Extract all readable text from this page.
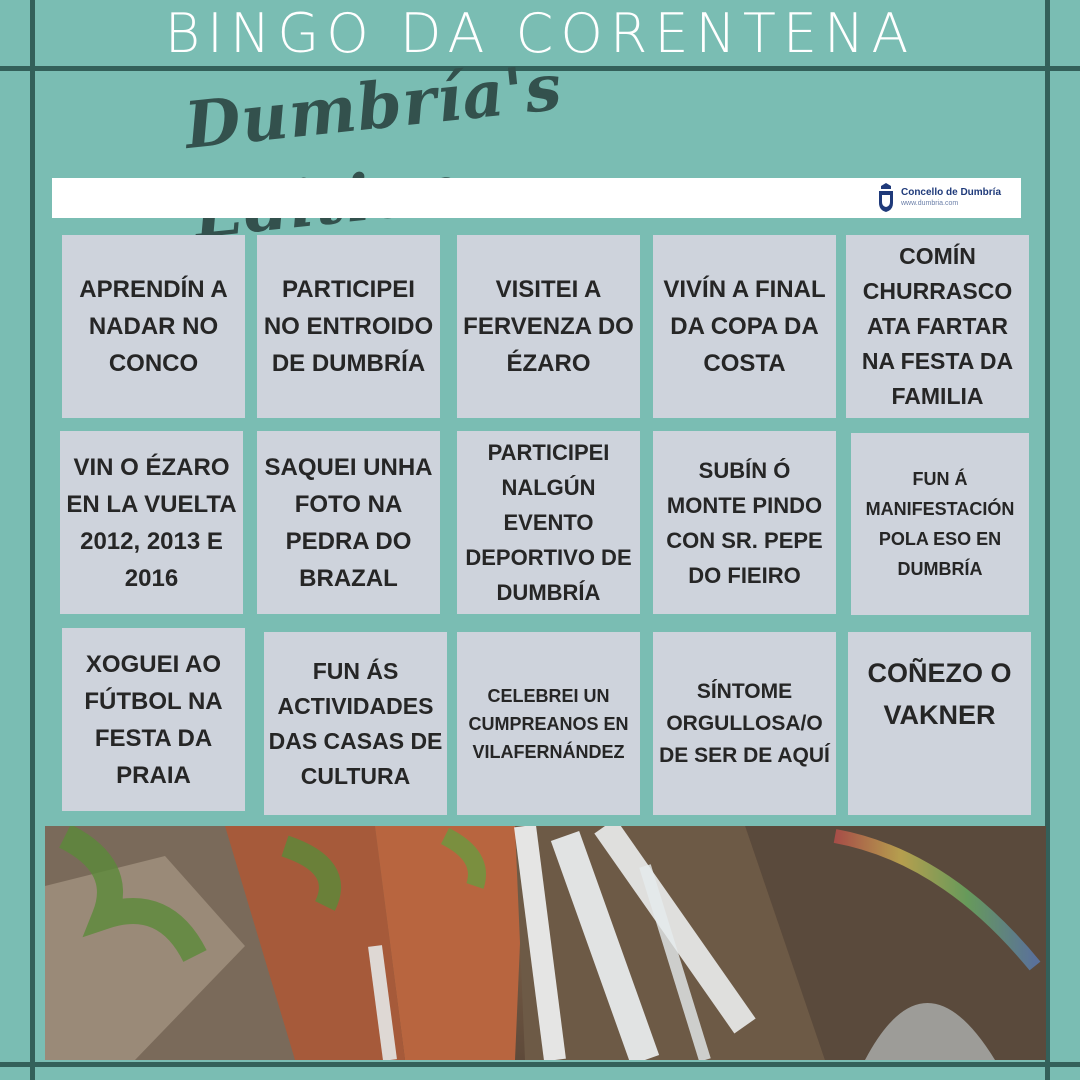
BINGO DA CORENTENA
Dumbría's
Concello de Dumbría
www.dumbria.com
APRENDÍN A NADAR NO CONCO
PARTICIPEI NO ENTROIDO DE DUMBRÍA
VISITEI A FERVENZA DO ÉZARO
VIVÍN A FINAL DA COPA DA COSTA
COMÍN CHURRASCO ATA FARTAR NA FESTA DA FAMILIA
VIN O ÉZARO EN LA VUELTA 2012, 2013 E 2016
SAQUEI UNHA FOTO NA PEDRA DO BRAZAL
PARTICIPEI NALGÚN EVENTO DEPORTIVO DE DUMBRÍA
SUBÍN Ó MONTE PINDO CON SR. PEPE DO FIEIRO
FUN Á MANIFESTACIÓN POLA ESO EN DUMBRÍA
XOGUEI AO FÚTBOL NA FESTA DA PRAIA
FUN ÁS ACTIVIDADES DAS CASAS DE CULTURA
CELEBREI UN CUMPREANOS EN VILAFERNÁNDEZ
SÍNTOME ORGULLOSA/O DE SER DE AQUÍ
COÑEZO O VAKNER
